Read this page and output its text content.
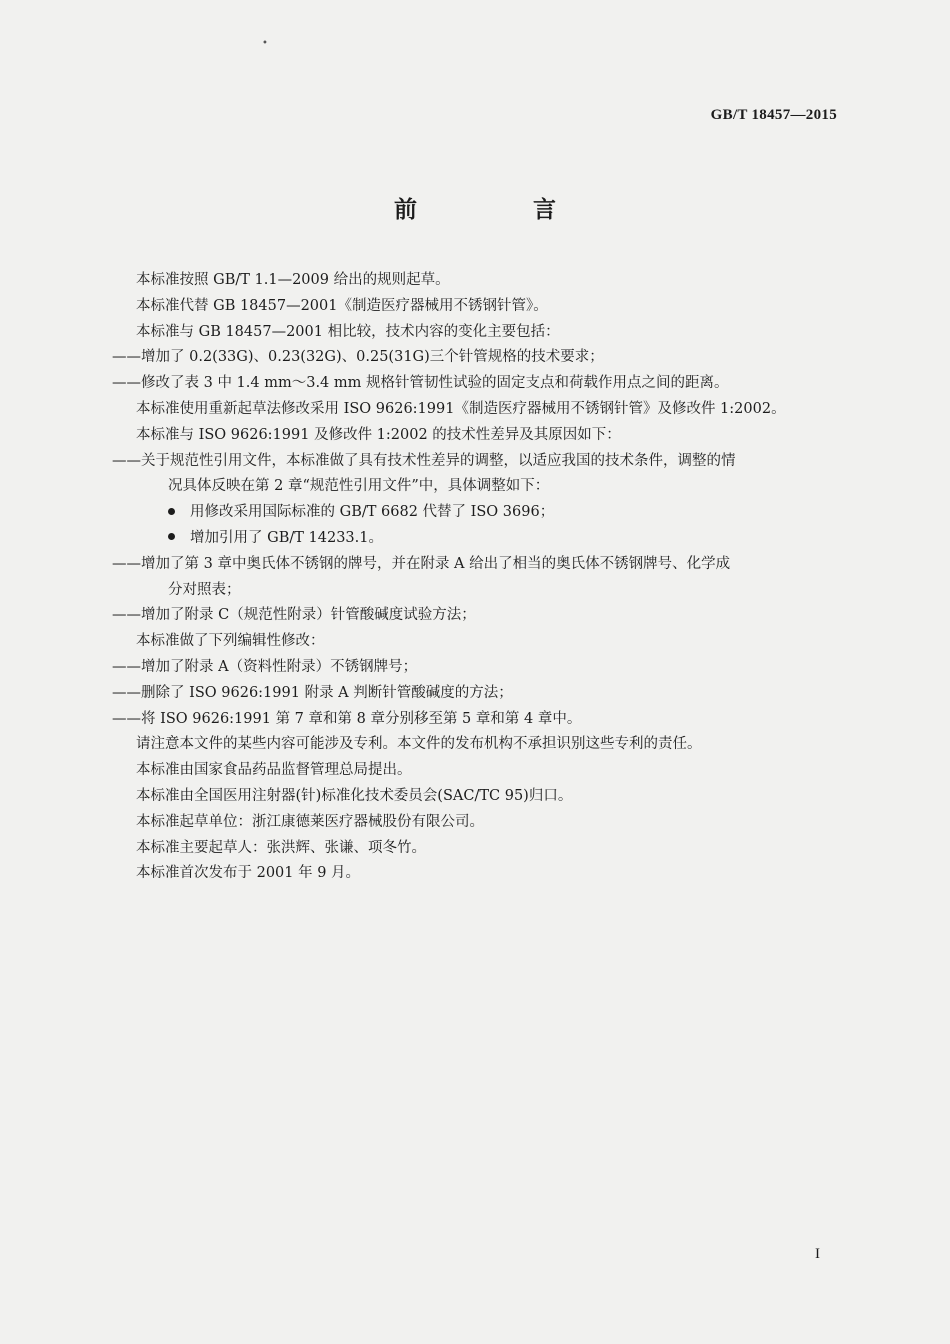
•
GB/T 18457—2015
前 言
本标准按照 GB/T 1.1—2009 给出的规则起草。
本标准代替 GB 18457—2001《制造医疗器械用不锈钢针管》。
本标准与 GB 18457—2001 相比较，技术内容的变化主要包括：
——增加了 0.2(33G)、0.23(32G)、0.25(31G)三个针管规格的技术要求；
——修改了表 3 中 1.4 mm～3.4 mm 规格针管韧性试验的固定支点和荷载作用点之间的距离。
本标准使用重新起草法修改采用 ISO 9626:1991《制造医疗器械用不锈钢针管》及修改件 1:2002。
本标准与 ISO 9626:1991 及修改件 1:2002 的技术性差异及其原因如下：
——关于规范性引用文件，本标准做了具有技术性差异的调整，以适应我国的技术条件，调整的情
况具体反映在第 2 章“规范性引用文件”中，具体调整如下：
用修改采用国际标准的 GB/T 6682 代替了 ISO 3696；
增加引用了 GB/T 14233.1。
——增加了第 3 章中奥氏体不锈钢的牌号，并在附录 A 给出了相当的奥氏体不锈钢牌号、化学成
分对照表；
——增加了附录 C（规范性附录）针管酸碱度试验方法；
本标准做了下列编辑性修改：
——增加了附录 A（资料性附录）不锈钢牌号；
——删除了 ISO 9626:1991 附录 A 判断针管酸碱度的方法；
——将 ISO 9626:1991 第 7 章和第 8 章分别移至第 5 章和第 4 章中。
请注意本文件的某些内容可能涉及专利。本文件的发布机构不承担识别这些专利的责任。
本标准由国家食品药品监督管理总局提出。
本标准由全国医用注射器(针)标准化技术委员会(SAC/TC 95)归口。
本标准起草单位：浙江康德莱医疗器械股份有限公司。
本标准主要起草人：张洪辉、张谦、项冬竹。
本标准首次发布于 2001 年 9 月。
I
